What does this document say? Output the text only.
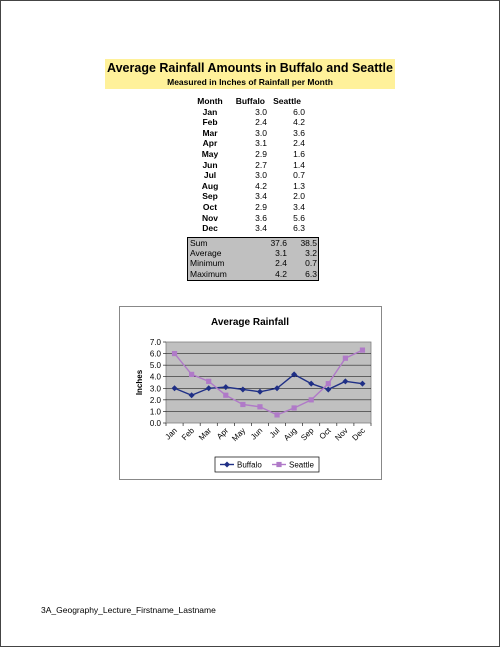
Average Rainfall Amounts in Buffalo and Seattle
Measured in Inches of Rainfall per Month
Month	Buffalo	Seattle
Jan	3.0	6.0
Feb	2.4	4.2
Mar	3.0	3.6
Apr	3.1	2.4
May	2.9	1.6
Jun	2.7	1.4
Jul	3.0	0.7
Aug	4.2	1.3
Sep	3.4	2.0
Oct	2.9	3.4
Nov	3.6	5.6
Dec	3.4	6.3
Sum	37.6	38.5
Average	3.1	3.2
Minimum	2.4	0.7
Maximum	4.2	6.3
Average Rainfall
0.0
1.0
2.0
3.0
4.0
5.0
6.0
7.0
Inches
Jan Feb Mar Apr May Jun Jul Aug Sep Oct Nov Dec
Buffalo	Seattle
3A_Geography_Lecture_Firstname_Lastname
